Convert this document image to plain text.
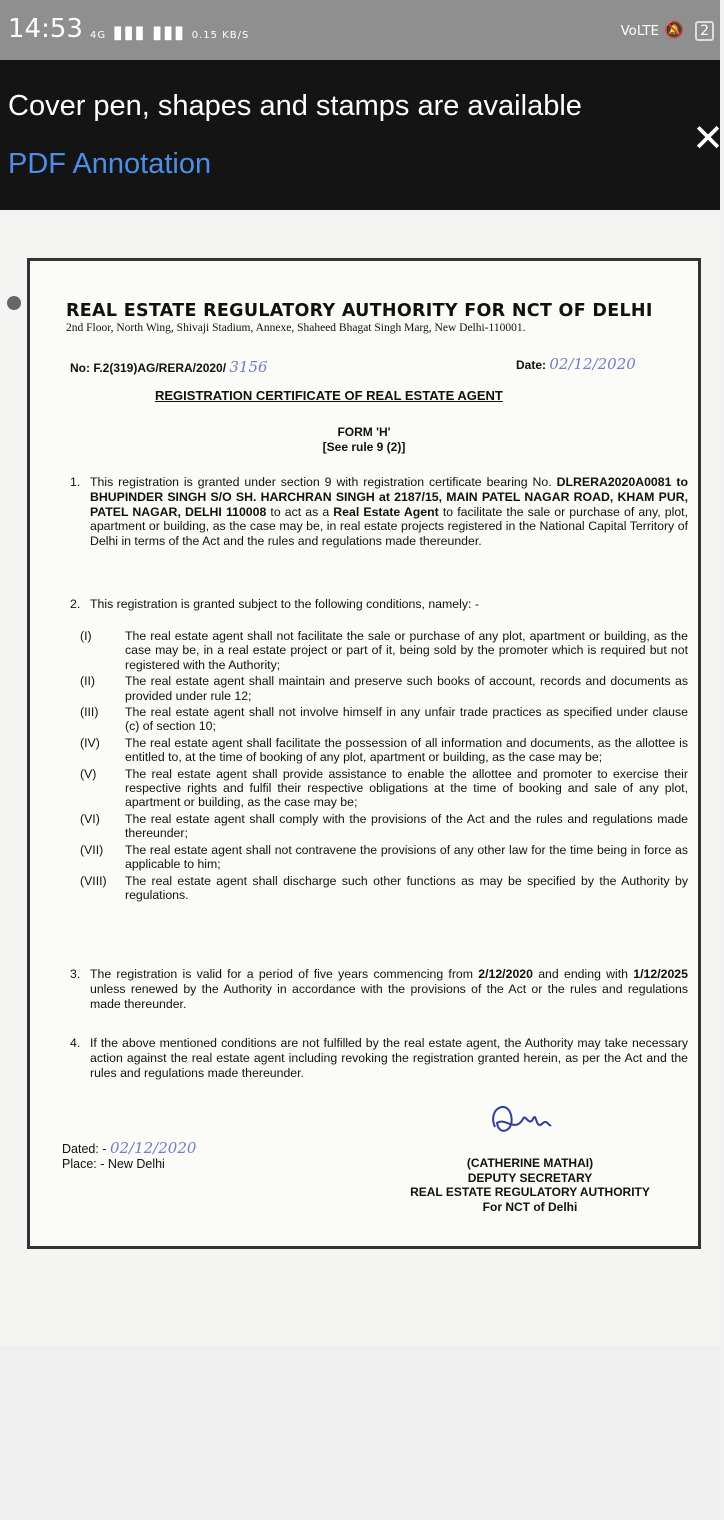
14:53 4G ▮▮▮ ▮▮▮ 0.15 KB/S	VoLTE 🔕 2
Cover pen, shapes and stamps are available
PDF Annotation
✕
REAL ESTATE REGULATORY AUTHORITY FOR NCT OF DELHI
2nd Floor, North Wing, Shivaji Stadium, Annexe, Shaheed Bhagat Singh Marg, New Delhi-110001.
No: F.2(319)AG/RERA/2020/ 3156	Date: 02/12/2020
REGISTRATION CERTIFICATE OF REAL ESTATE AGENT
FORM 'H'
[See rule 9 (2)]
1. This registration is granted under section 9 with registration certificate bearing No. DLRERA2020A0081 to BHUPINDER SINGH S/O SH. HARCHRAN SINGH at 2187/15, MAIN PATEL NAGAR ROAD, KHAM PUR, PATEL NAGAR, DELHI 110008 to act as a Real Estate Agent to facilitate the sale or purchase of any, plot, apartment or building, as the case may be, in real estate projects registered in the National Capital Territory of Delhi in terms of the Act and the rules and regulations made thereunder.
2. This registration is granted subject to the following conditions, namely: -
(I)	The real estate agent shall not facilitate the sale or purchase of any plot, apartment or building, as the case may be, in a real estate project or part of it, being sold by the promoter which is required but not registered with the Authority;
(II) The real estate agent shall maintain and preserve such books of account, records and documents as provided under rule 12;
(III) The real estate agent shall not involve himself in any unfair trade practices as specified under clause (c) of section 10;
(IV) The real estate agent shall facilitate the possession of all information and documents, as the allottee is entitled to, at the time of booking of any plot, apartment or building, as the case may be;
(V) The real estate agent shall provide assistance to enable the allottee and promoter to exercise their respective rights and fulfil their respective obligations at the time of booking and sale of any plot, apartment or building, as the case may be;
(VI) The real estate agent shall comply with the provisions of the Act and the rules and regulations made thereunder;
(VII) The real estate agent shall not contravene the provisions of any other law for the time being in force as applicable to him;
(VIII) The real estate agent shall discharge such other functions as may be specified by the Authority by regulations.
3. The registration is valid for a period of five years commencing from 2/12/2020 and ending with 1/12/2025 unless renewed by the Authority in accordance with the provisions of the Act or the rules and regulations made thereunder.
4. If the above mentioned conditions are not fulfilled by the real estate agent, the Authority may take necessary action against the real estate agent including revoking the registration granted herein, as per the Act and the rules and regulations made thereunder.
Dated: - 02/12/2020
Place: - New Delhi	(CATHERINE MATHAI)
DEPUTY SECRETARY
REAL ESTATE REGULATORY AUTHORITY
For NCT of Delhi
